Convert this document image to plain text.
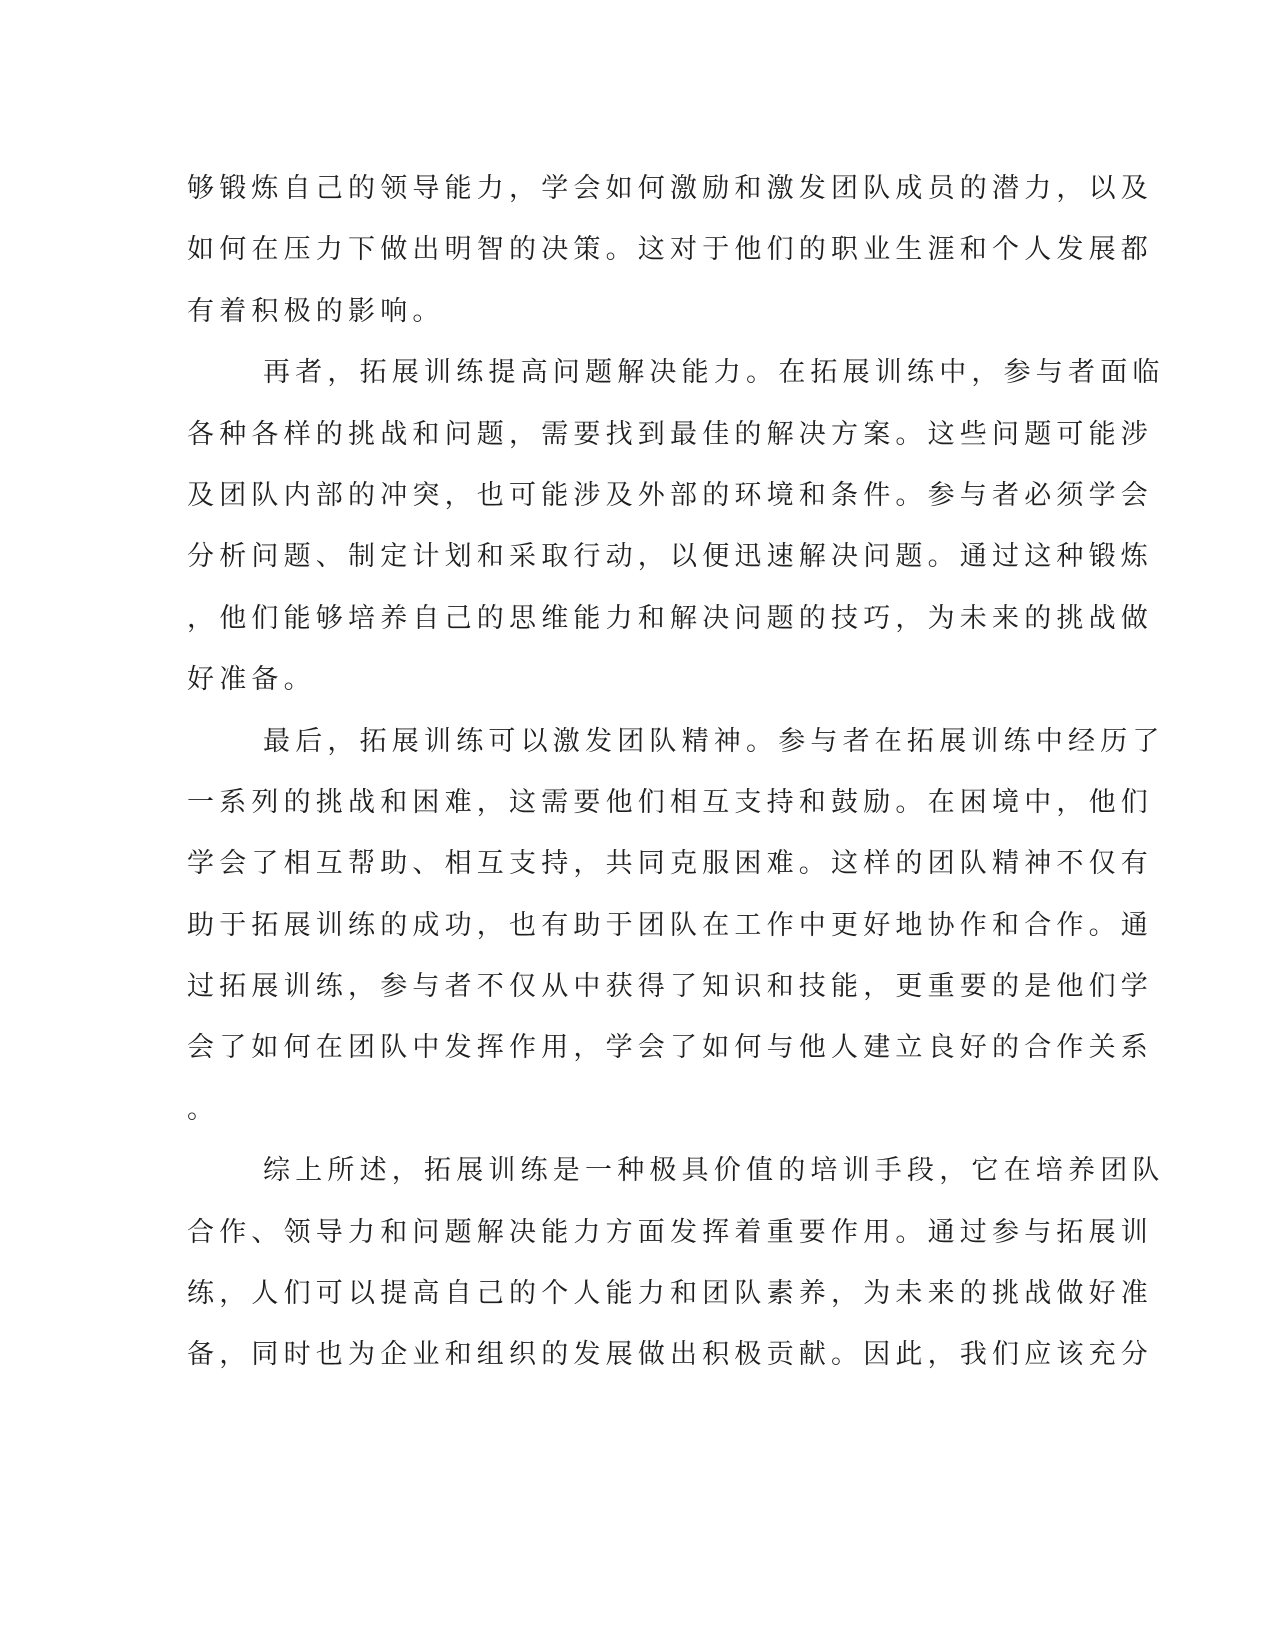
够锻炼自己的领导能力，学会如何激励和激发团队成员的潜力，以及
如何在压力下做出明智的决策。这对于他们的职业生涯和个人发展都
有着积极的影响。
再者，拓展训练提高问题解决能力。在拓展训练中，参与者面临
各种各样的挑战和问题，需要找到最佳的解决方案。这些问题可能涉
及团队内部的冲突，也可能涉及外部的环境和条件。参与者必须学会
分析问题、制定计划和采取行动，以便迅速解决问题。通过这种锻炼
，他们能够培养自己的思维能力和解决问题的技巧，为未来的挑战做
好准备。
最后，拓展训练可以激发团队精神。参与者在拓展训练中经历了
一系列的挑战和困难，这需要他们相互支持和鼓励。在困境中，他们
学会了相互帮助、相互支持，共同克服困难。这样的团队精神不仅有
助于拓展训练的成功，也有助于团队在工作中更好地协作和合作。通
过拓展训练，参与者不仅从中获得了知识和技能，更重要的是他们学
会了如何在团队中发挥作用，学会了如何与他人建立良好的合作关系
。
综上所述，拓展训练是一种极具价值的培训手段，它在培养团队
合作、领导力和问题解决能力方面发挥着重要作用。通过参与拓展训
练，人们可以提高自己的个人能力和团队素养，为未来的挑战做好准
备，同时也为企业和组织的发展做出积极贡献。因此，我们应该充分
